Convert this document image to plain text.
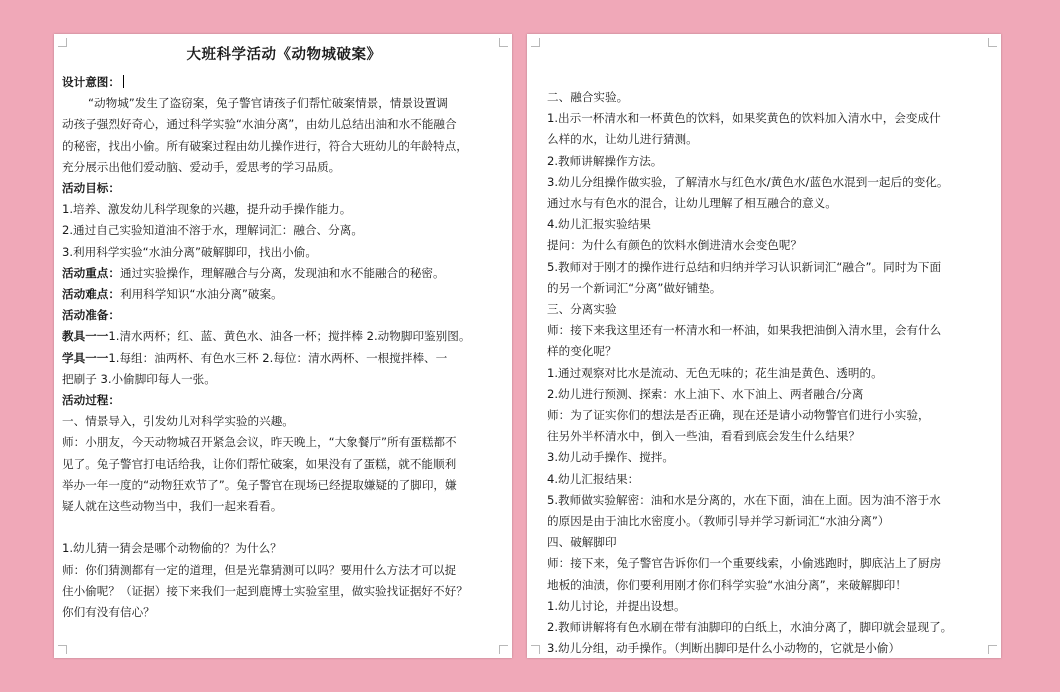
大班科学活动《动物城破案》
设计意图：
“动物城”发生了盗窃案，兔子警官请孩子们帮忙破案情景，情景设置调
动孩子强烈好奇心，通过科学实验“水油分离”，由幼儿总结出油和水不能融合
的秘密，找出小偷。所有破案过程由幼儿操作进行，符合大班幼儿的年龄特点，
充分展示出他们爱动脑、爱动手，爱思考的学习品质。
活动目标：
1.培养、激发幼儿科学现象的兴趣，提升动手操作能力。
2.通过自己实验知道油不溶于水，理解词汇：融合、分离。
3.利用科学实验“水油分离”破解脚印，找出小偷。
活动重点：通过实验操作，理解融合与分离，发现油和水不能融合的秘密。
活动难点：利用科学知识“水油分离”破案。
活动准备：
教具一一1.清水两杯；红、蓝、黄色水、油各一杯；搅拌棒 2.动物脚印鉴别图。
学具一一1.每组：油两杯、有色水三杯 2.每位：清水两杯、一根搅拌棒、一
把刷子 3.小偷脚印每人一张。
活动过程：
一、情景导入，引发幼儿对科学实验的兴趣。
师：小朋友，今天动物城召开紧急会议，昨天晚上，“大象餐厅”所有蛋糕都不
见了。兔子警官打电话给我，让你们帮忙破案，如果没有了蛋糕，就不能顺利
举办一年一度的“动物狂欢节了”。兔子警官在现场已经提取嫌疑的了脚印，嫌
疑人就在这些动物当中，我们一起来看看。
1.幼儿猜一猜会是哪个动物偷的？为什么？
师：你们猜测都有一定的道理，但是光靠猜测可以吗？要用什么方法才可以捉
住小偷呢？（证据）接下来我们一起到鹿博士实验室里，做实验找证据好不好？
你们有没有信心？
二、融合实验。
1.出示一杯清水和一杯黄色的饮料，如果奖黄色的饮料加入清水中，会变成什
么样的水，让幼儿进行猜测。
2.教师讲解操作方法。
3.幼儿分组操作做实验，了解清水与红色水/黄色水/蓝色水混到一起后的变化。
通过水与有色水的混合，让幼儿理解了相互融合的意义。
4.幼儿汇报实验结果
提问：为什么有颜色的饮料水倒进清水会变色呢？
5.教师对于刚才的操作进行总结和归纳并学习认识新词汇“融合”。同时为下面
的另一个新词汇“分离”做好铺垫。
三、分离实验
师：接下来我这里还有一杯清水和一杯油，如果我把油倒入清水里，会有什么
样的变化呢？
1.通过观察对比水是流动、无色无味的；花生油是黄色、透明的。
2.幼儿进行预测、探索：水上油下、水下油上、两者融合/分离
师：为了证实你们的想法是否正确，现在还是请小动物警官们进行小实验，
往另外半杯清水中，倒入一些油，看看到底会发生什么结果？
3.幼儿动手操作、搅拌。
4.幼儿汇报结果：
5.教师做实验解密：油和水是分离的，水在下面，油在上面。因为油不溶于水
的原因是由于油比水密度小。（教师引导并学习新词汇“水油分离”）
四、破解脚印
师：接下来，兔子警官告诉你们一个重要线索，小偷逃跑时，脚底沾上了厨房
地板的油渍，你们要利用刚才你们科学实验“水油分离”，来破解脚印！
1.幼儿讨论，并提出设想。
2.教师讲解将有色水刷在带有油脚印的白纸上，水油分离了，脚印就会显现了。
3.幼儿分组，动手操作。（判断出脚印是什么小动物的，它就是小偷）
